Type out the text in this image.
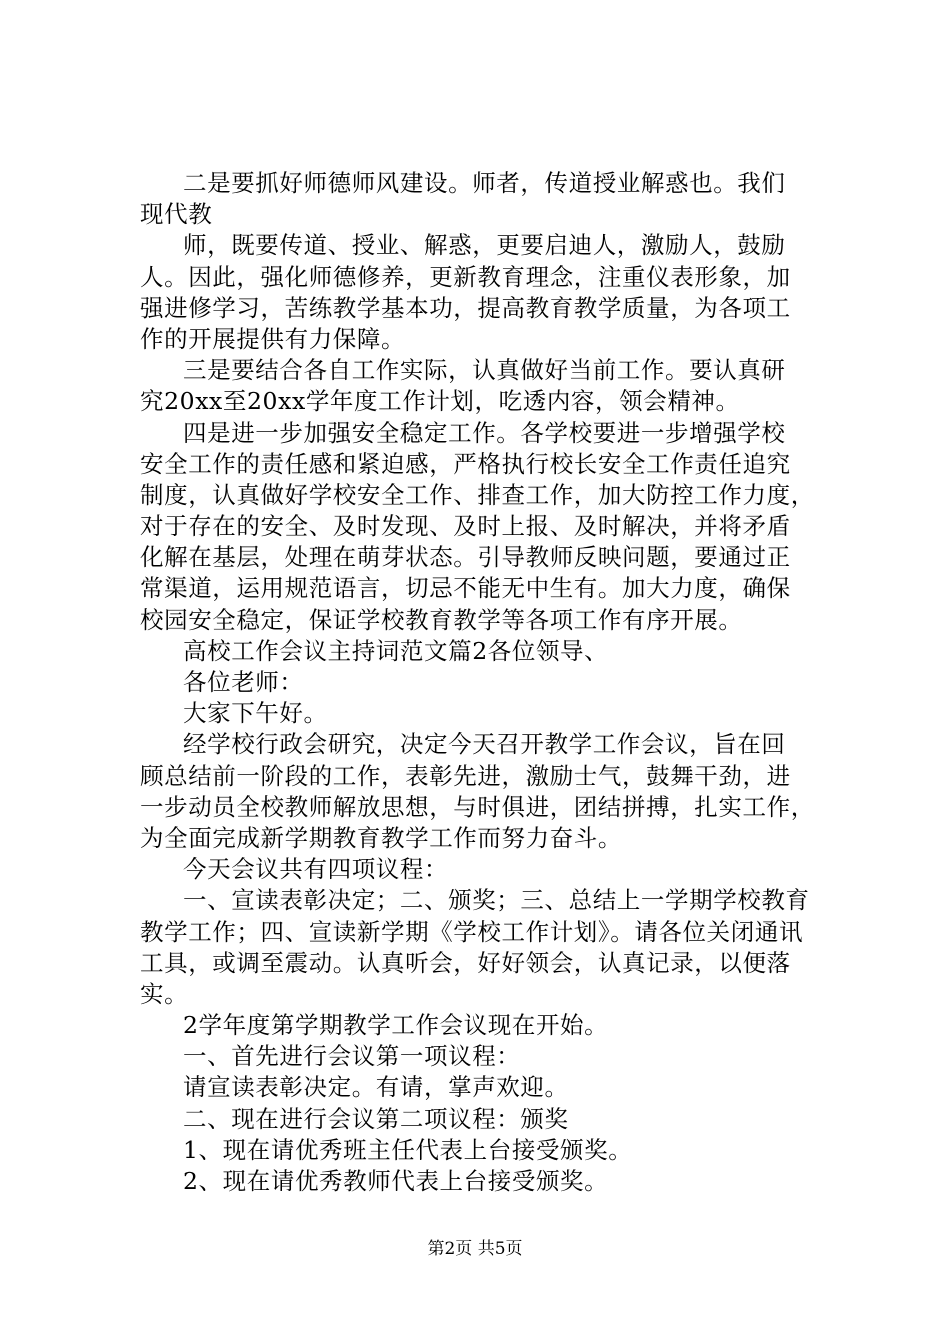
二是要抓好师德师风建设。师者，传道授业解惑也。我们
现代教
师，既要传道、授业、解惑，更要启迪人，激励人，鼓励
人。因此，强化师德修养，更新教育理念，注重仪表形象，加
强进修学习，苦练教学基本功，提高教育教学质量，为各项工
作的开展提供有力保障。
三是要结合各自工作实际，认真做好当前工作。要认真研
究20xx至20xx学年度工作计划，吃透内容，领会精神。
四是进一步加强安全稳定工作。各学校要进一步增强学校
安全工作的责任感和紧迫感，严格执行校长安全工作责任追究
制度，认真做好学校安全工作、排查工作，加大防控工作力度，
对于存在的安全、及时发现、及时上报、及时解决，并将矛盾
化解在基层，处理在萌芽状态。引导教师反映问题，要通过正
常渠道，运用规范语言，切忌不能无中生有。加大力度，确保
校园安全稳定，保证学校教育教学等各项工作有序开展。
高校工作会议主持词范文篇2各位领导、
各位老师：
大家下午好。
经学校行政会研究，决定今天召开教学工作会议，旨在回
顾总结前一阶段的工作，表彰先进，激励士气，鼓舞干劲，进
一步动员全校教师解放思想，与时俱进，团结拼搏，扎实工作，
为全面完成新学期教育教学工作而努力奋斗。
今天会议共有四项议程：
一、宣读表彰决定；二、颁奖；三、总结上一学期学校教育
教学工作；四、宣读新学期《学校工作计划》。请各位关闭通讯
工具，或调至震动。认真听会，好好领会，认真记录，以便落
实。
2学年度第学期教学工作会议现在开始。
一、首先进行会议第一项议程：
请宣读表彰决定。有请，掌声欢迎。
二、现在进行会议第二项议程：颁奖
1、现在请优秀班主任代表上台接受颁奖。
2、现在请优秀教师代表上台接受颁奖。
第2页 共5页
